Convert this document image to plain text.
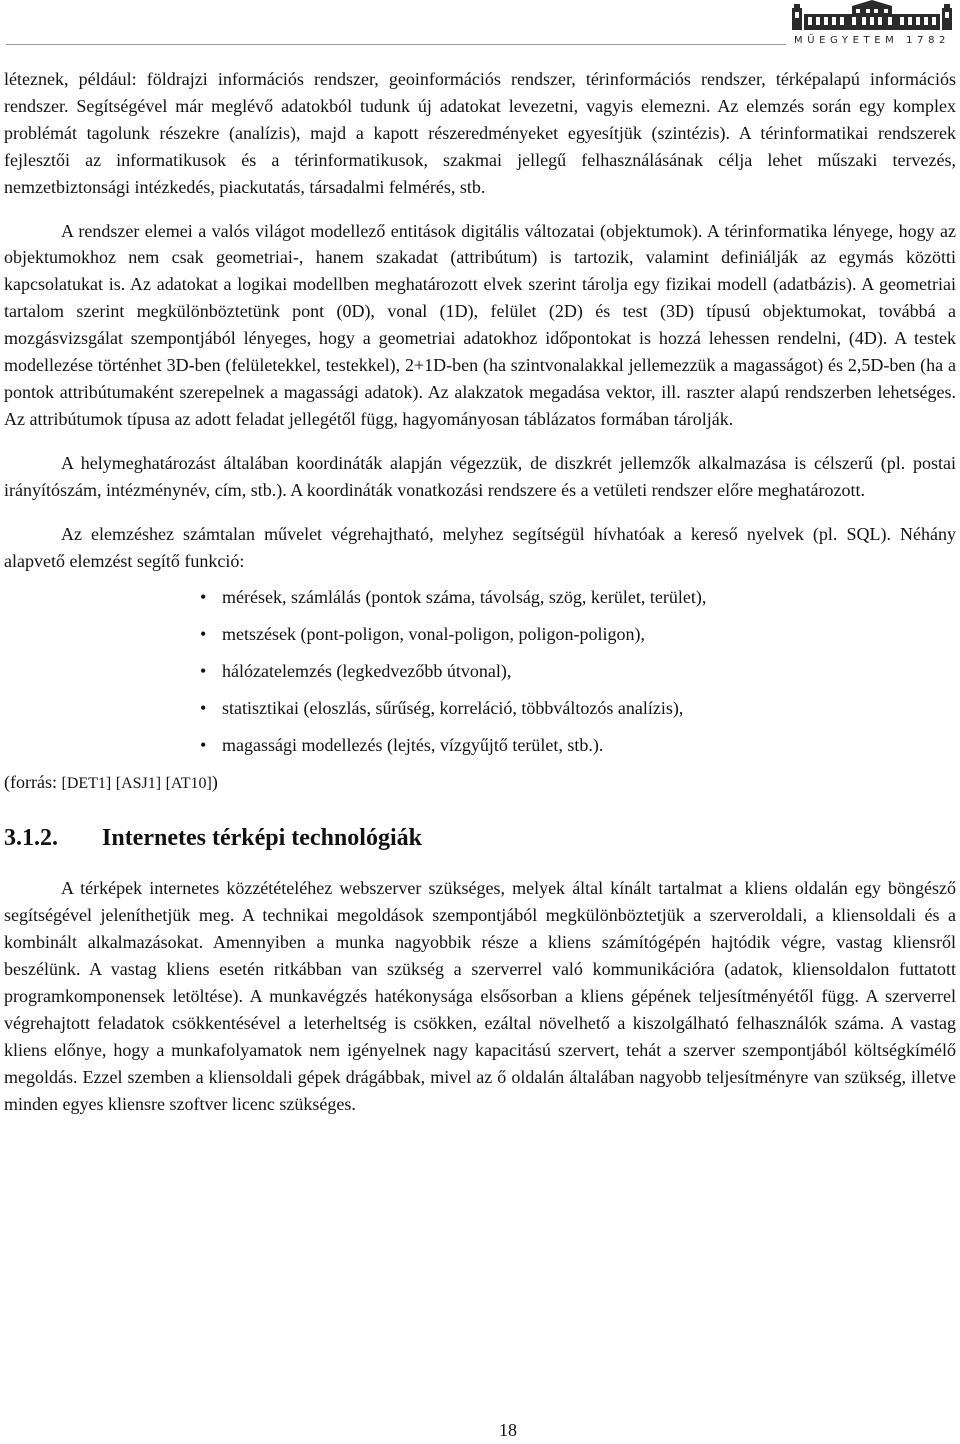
MŰEGYETEM 1782

léteznek, például: földrajzi információs rendszer, geoinformációs rendszer, térinformációs rendszer, térképalapú információs rendszer. Segítségével már meglévő adatokból tudunk új adatokat levezetni, vagyis elemezni. Az elemzés során egy komplex problémát tagolunk részekre (analízis), majd a kapott részeredményeket egyesítjük (szintézis). A térinformatikai rendszerek fejlesztői az informatikusok és a térinformatikusok, szakmai jellegű felhasználásának célja lehet műszaki tervezés, nemzetbiztonsági intézkedés, piackutatás, társadalmi felmérés, stb.

A rendszer elemei a valós világot modellező entitások digitális változatai (objektumok). A térinformatika lényege, hogy az objektumokhoz nem csak geometriai-, hanem szakadat (attribútum) is tartozik, valamint definiálják az egymás közötti kapcsolatukat is. Az adatokat a logikai modellben meghatározott elvek szerint tárolja egy fizikai modell (adatbázis). A geometriai tartalom szerint megkülönböztetünk pont (0D), vonal (1D), felület (2D) és test (3D) típusú objektumokat, továbbá a mozgásvizsgálat szempontjából lényeges, hogy a geometriai adatokhoz időpontokat is hozzá lehessen rendelni, (4D). A testek modellezése történhet 3D-ben (felületekkel, testekkel), 2+1D-ben (ha szintvonalakkal jellemezzük a magasságot) és 2,5D-ben (ha a pontok attribútumaként szerepelnek a magassági adatok). Az alakzatok megadása vektor, ill. raszter alapú rendszerben lehetséges. Az attribútumok típusa az adott feladat jellegétől függ, hagyományosan táblázatos formában tárolják.

A helymeghatározást általában koordináták alapján végezzük, de diszkrét jellemzők alkalmazása is célszerű (pl. postai irányítószám, intézménynév, cím, stb.). A koordináták vonatkozási rendszere és a vetületi rendszer előre meghatározott.

Az elemzéshez számtalan művelet végrehajtható, melyhez segítségül hívhatóak a kereső nyelvek (pl. SQL). Néhány alapvető elemzést segítő funkció:

• mérések, számlálás (pontok száma, távolság, szög, kerület, terület),
• metszések (pont-poligon, vonal-poligon, poligon-poligon),
• hálózatelemzés (legkedvezőbb útvonal),
• statisztikai (eloszlás, sűrűség, korreláció, többváltozós analízis),
• magassági modellezés (lejtés, vízgyűjtő terület, stb.).
(forrás: [DET1] [ASJ1] [AT10])
3.1.2.	Internetes térképi technológiák

A térképek internetes közzétételéhez webszerver szükséges, melyek által kínált tartalmat a kliens oldalán egy böngésző segítségével jeleníthetjük meg. A technikai megoldások szempontjából megkülönböztetjük a szerveroldali, a kliensoldali és a kombinált alkalmazásokat. Amennyiben a munka nagyobbik része a kliens számítógépén hajtódik végre, vastag kliensről beszélünk. A vastag kliens esetén ritkábban van szükség a szerverrel való kommunikációra (adatok, kliensoldalon futtatott programkomponensek letöltése). A munkavégzés hatékonysága elsősorban a kliens gépének teljesítményétől függ. A szerverrel végrehajtott feladatok csökkentésével a leterheltség is csökken, ezáltal növelhető a kiszolgálható felhasználók száma. A vastag kliens előnye, hogy a munkafolyamatok nem igényelnek nagy kapacitású szervert, tehát a szerver szempontjából költségkímélő megoldás. Ezzel szemben a kliensoldali gépek drágábbak, mivel az ő oldalán általában nagyobb teljesítményre van szükség, illetve minden egyes kliensre szoftver licenc szükséges.

18
